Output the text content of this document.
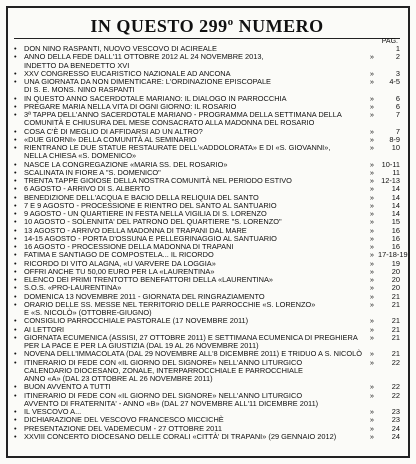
IN QUESTO 299$^o$ NUMERO
PAG.
• DON NINO RASPANTI, NUOVO VESCOVO DI ACIREALE	1
• ANNO DELLA FEDE DALL'11 OTTOBRE 2012 AL 24 NOVEMBRE 2013,
INDETTO DA BENEDETTO XVI
»	2
• XXV CONGRESSO EUCARISTICO NAZIONALE AD ANCONA	»	3
• UNA GIORNATA DA NON DIMENTICARE: L'ORDINAZIONE EPISCOPALE
DI S. E. MONS. NINO RASPANTI
»	4-5
• IN QUESTO ANNO SACERDOTALE MARIANO: IL DIALOGO IN PARROCCHIA	»	6
• PREGARE MARIA NELLA VITA DI OGNI GIORNO: IL ROSARIO	»	6
• 3ª TAPPA DELL'ANNO SACERDOTALE MARIANO - PROGRAMMA DELLA SETTIMANA DELLA
COMUNITÀ E CHIUSURA DEL MESE CONSACRATO ALLA MADONNA DEL ROSARIO
»	7
• COSA C'È DI MEGLIO DI AFFIDARSI AD UN ALTRO?	»	7
• «DUE GIORNI» DELLA COMUNITÀ AL SEMINARIO	»	8-9
• RIENTRANO LE DUE STATUE RESTAURATE DELL'«ADDOLORATA» E DI «S. GIOVANNI»,
NELLA CHIESA «S. DOMENICO»
»	10
• NASCE LA CONGREGAZIONE «MARIA SS. DEL ROSARIO»	»	10-11
• SCALINATA IN FIORE A "S. DOMENICO"	»	11
• TRENTA TAPPE GIOIOSE DELLA NOSTRA COMUNITÀ NEL PERIODO ESTIVO	» 12-13
• 6 AGOSTO - ARRIVO DI S. ALBERTO	»	14
• BENEDIZIONE DELL'ACQUA E BACIO DELLA RELIQUIA DEL SANTO	»	14
• 7 E 9 AGOSTO - PROCESSIONE E RIENTRO DEL SANTO AL SANTUARIO	»	14
• 9 AGOSTO - UN QUARTIERE IN FESTA NELLA VIGILIA DI S. LORENZO	»	14
• 10 AGOSTO - SOLENNITA' DEL PATRONO DEL QUARTIERE "S. LORENZO"	»	15
• 13 AGOSTO - ARRIVO DELLA MADONNA DI TRAPANI DAL MARE	»	16
• 14-15 AGOSTO - PORTA D'OSSUNA E PELLEGRINAGGIO AL SANTUARIO	»	16
• 16 AGOSTO - PROCESSIONE DELLA MADONNA DI TRAPANI	»	16
• FATIMA E SANTIAGO DE COMPOSTELA... IL RICORDO	» 17-18-19
• RICORDO DI VITO ALAGNA, «U VARVERE DA LOGGIA»	»	19
• OFFRI ANCHE TU 50,00 EURO PER LA «LAURENTINA»	»	20
• ELENCO DEI PRIMI TRENTOTTO BENEFATTORI DELLA «LAURENTINA»	»	20
• S.O.S. «PRO-LAURENTINA»	»	20
• DOMENICA 13 NOVEMBRE 2011 - GIORNATA DEL RINGRAZIAMENTO	»	21
• ORARIO DELLE SS. MESSE NEL TERRITORIO DELLE PARROCCHIE «S. LORENZO»
E «S. NICOLÒ» (OTTOBRE-GIUGNO)
»	21
• CONSIGLIO PARROCCHIALE PASTORALE (17 NOVEMBRE 2011)	»	21
• AI LETTORI	»	21
• GIORNATA ECUMENICA (ASSISI, 27 OTTOBRE 2011) E SETTIMANA ECUMENICA DI PREGHIERA
PER LA PACE E PER LA GIUSTIZIA (DAL 19 AL 26 NOVEMBRE 2011)
»	21
• NOVENA DELL'IMMACOLATA (DAL 29 NOVEMBRE ALL'8 DICEMBRE 2011) E TRIDUO A S. NICOLÒ »	21
• ITINERARIO DI FEDE CON «IL GIORNO DEL SIGNORE» NELL'ANNO LITURGICO
CALENDARIO DIOCESANO, ZONALE, INTERPARROCCHIALE E PARROCCHIALE
ANNO «A» (DAL 23 OTTOBRE AL 26 NOVEMBRE 2011)
»	22
• BUON AVVENTO A TUTTI	»	22
• ITINERARIO DI FEDE CON «IL GIORNO DEL SIGNORE» NELL'ANNO LITURGICO
AVVENTO DI FRATERNITA' - ANNO «B» (DAL 27 NOVEMBRE ALL'11 DICEMBRE 2011)
»	22
• IL VESCOVO A...	»	23
• DICHIARAZIONE DEL VESCOVO FRANCESCO MICCICHÈ	»	23
• PRESENTAZIONE DEL VADEMECUM - 27 OTTOBRE 2011	»	24
• XXVIII CONCERTO DIOCESANO DELLE CORALI «CITTÀ' DI TRAPANI» (29 GENNAIO 2012)	»	24
